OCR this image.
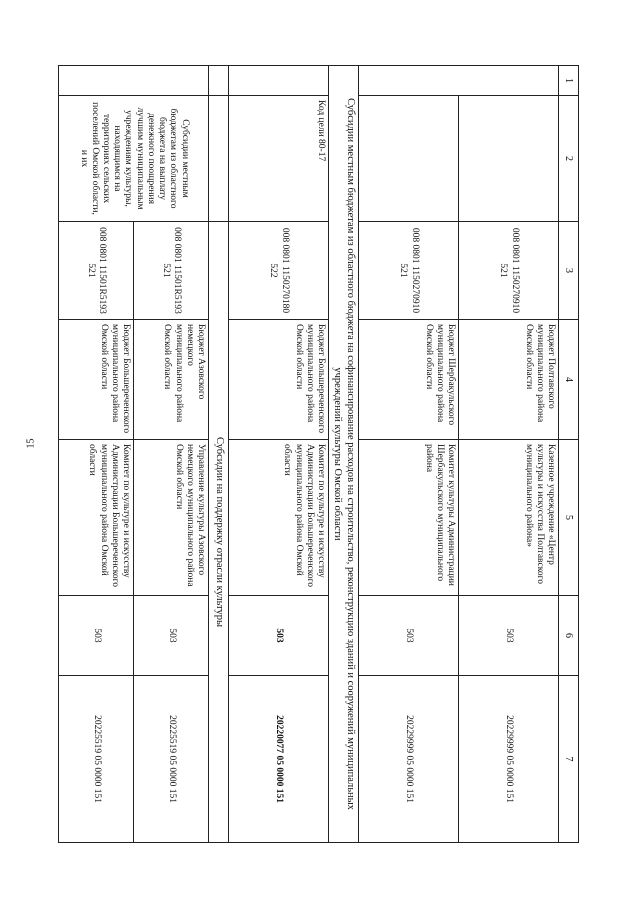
15
1	2	3	4	5	6	7
		008 0801 1150270910 521	Бюджет Полтавского муниципального района Омской области	Казенное учреждение «Центр культуры и искусства Полтавского муниципального района»	503	20229999 05 0000 151
		008 0801 1150270910 521	Бюджет Шербакульского муниципального района Омской области	Комитет культуры Администрации Шербакульского муниципального района	503	20229999 05 0000 151
Субсидии местным бюджетам из областного бюджета на софинансирование расходов на строительство, реконструкцию зданий и сооружений муниципальных учреждений культуры Омской области						
	Код цели 80-17	008 0801 1150270180 522	Бюджет Большереченского муниципального района Омской области	Комитет по культуре и искусству Администрации Большереченского муниципального района Омской области	503	20220077 05 0000 151
		Субсидии на поддержку отрасли культуры				
	Субсидии местным бюджетам из областного бюджета на выплату денежного поощрения лучшим муниципальным учреждениям культуры, находящимся на территориях сельских поселений Омской области, и их	008 0801 11501R5193 521	Бюджет Азовского немецкого муниципального района Омской области	Управление культуры Азовского немецкого муниципального района Омской области	503	20225519 05 0000 151
		008 0801 11501R5193 521	Бюджет Большереченского муниципального района Омской области	Комитет по культуре и искусству Администрации Большереченского муниципального района Омской области	503	20225519 05 0000 151
